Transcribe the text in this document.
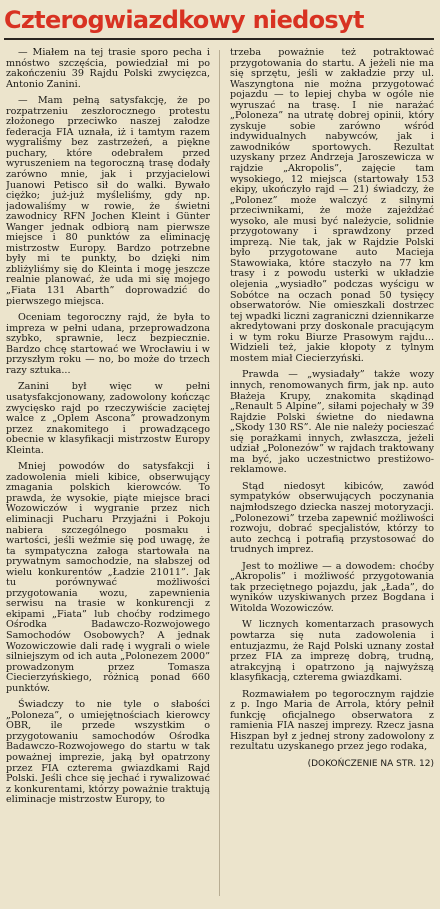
Czterogwiazdkowy niedosyt

— Miałem na tej trasie sporo pecha i mnóstwo szczęścia, powiedział mi po zakończeniu 39 Rajdu Polski zwycięzca, Antonio Zanini.

— Mam pełną satysfakcję, że po rozpatrzeniu zeszłorocznego protestu złożonego przeciwko naszej załodze federacja FIA uznała, iż i tamtym razem wygraliśmy bez zastrzeżeń, a piękne puchary, które odebrałem przed wyruszeniem na tegoroczną trasę dodały zarówno mnie, jak i przyjacielowi Juanowi Petisco sił do walki. Bywało ciężko; już-już myśleliśmy, gdy np. jadowaliśmy w rowie, że świetni zawodnicy RFN Jochen Kleint i Günter Wanger jednak odbiorą nam pierwsze miejsce i 80 punktów za eliminację mistrzostw Europy. Bardzo potrzebne były mi te punkty, bo dzięki nim zbliżyliśmy się do Kleinta i mogę jeszcze realnie planować, że uda mi się mojego „Fiata 131 Abarth” doprowadzić do pierwszego miejsca.

Oceniam tegoroczny rajd, że była to impreza w pełni udana, przeprowadzona szybko, sprawnie, lecz bezpiecznie. Bardzo chcę startować we Wrocławiu i w przyszłym roku — no, bo może do trzech razy sztuka...

Zanini był więc w pełni usatysfakcjonowany, zadowolony kończąc zwycięsko rajd po rzeczywiście zaciętej walce z „Oplem Ascona” prowadzonym przez znakomitego i prowadzącego obecnie w klasyfikacji mistrzostw Europy Kleinta.

Mniej powodów do satysfakcji i zadowolenia mieli kibice, obserwujący zmagania polskich kierowców. To prawda, że wysokie, piąte miejsce braci Wozowiczów i wygranie przez nich eliminacji Pucharu Przyjaźni i Pokoju nabiera szczególnego posmaku i wartości, jeśli weźmie się pod uwagę, że ta sympatyczna załoga startowała na prywatnym samochodzie, na słabszej od wielu konkurentów „Ładzie 21011”. Jak tu porównywać możliwości przygotowania wozu, zapewnienia serwisu na trasie w konkurencji z ekipami „Fiata” lub choćby rodzimego Ośrodka Badawczo-Rozwojowego Samochodów Osobowych? A jednak Wozowiczowie dali radę i wygrali o wiele silniejszym od ich auta „Polonezem 2000” prowadzonym przez Tomasza Ciecierzyńskiego, różnicą ponad 660 punktów.

Świadczy to nie tyle o słabości „Poloneza”, o umiejętnościach kierowcy OBR, ile przede wszystkim o przygotowaniu samochodów Ośrodka Badawczo-Rozwojowego do startu w tak poważnej imprezie, jaką był opatrzony przez FIA czterema gwiazdkami Rajd Polski. Jeśli chce się jechać i rywalizować z konkurentami, którzy poważnie traktują eliminacje mistrzostw Europy, to

trzeba poważnie też potraktować przygotowania do startu. A jeżeli nie ma się sprzętu, jeśli w zakładzie przy ul. Waszyngtona nie można przygotować pojazdu — to lepiej chyba w ogóle nie wyruszać na trasę. I nie narażać „Poloneza” na utratę dobrej opinii, który zyskuje sobie zarówno wśród indywidualnych nabywców, jak i zawodników sportowych. Rezultat uzyskany przez Andrzeja Jaroszewicza w rajdzie „Akropolis”, zajęcie tam wysokiego, 12 miejsca (startowały 153 ekipy, ukończyło rajd — 21) świadczy, że „Polonez” może walczyć z silnymi przeciwnikami, że może zajeżdżać wysoko, ale musi być należycie, solidnie przygotowany i sprawdzony przed imprezą. Nie tak, jak w Rajdzie Polski było przygotowane auto Macieja Stawowiaka, które staczyło na 77 km trasy i z powodu usterki w układzie olejenia „wysiadło” podczas wyścigu w Sobótce na oczach ponad 50 tysięcy obserwatorów. Nie omieszkali dostrzec tej wpadki liczni zagraniczni dziennikarze akredytowani przy doskonale pracującym i w tym roku Biurze Prasowym rajdu... Widzieli też, jakie kłopoty z tylnym mostem miał Ciecierzyński.

Prawda — „wysiadały” także wozy innych, renomowanych firm, jak np. auto Błażeja Krupy, znakomita skądinąd „Renault 5 Alpine”, siłami pojechały w 39 Rajdzie Polski świetne do niedawna „Skody 130 RS”. Ale nie należy pocieszać się porażkami innych, zwłaszcza, jeżeli udział „Polonezów” w rajdach traktowany ma być, jako uczestnictwo prestiżowo-reklamowe.

Stąd niedosyt kibiców, zawód sympatyków obserwujących poczynania najmłodszego dziecka naszej motoryzacji. „Polonezowi” trzeba zapewnić możliwości rozwoju, dobrać specjalistów, którzy to auto zechcą i potrafią przystosować do trudnych imprez.

Jest to możliwe — a dowodem: choćby „Akropolis” i możliwość przygotowania tak przeciętnego pojazdu, jak „Łada”, do wyników uzyskiwanych przez Bogdana i Witolda Wozowiczów.

W licznych komentarzach prasowych powtarza się nuta zadowolenia i entuzjazmu, że Rajd Polski uznany został przez FIA za imprezę dobrą, trudną, atrakcyjną i opatrzono ją najwyższą klasyfikacją, czterema gwiazdkami.

Rozmawiałem po tegorocznym rajdzie z p. Ingo Maria de Arrola, który pełnił funkcję oficjalnego obserwatora z ramienia FIA naszej imprezy. Rzecz jasna Hiszpan był z jednej strony zadowolony z rezultatu uzyskanego przez jego rodaka,

(DOKOŃCZENIE NA STR. 12)
